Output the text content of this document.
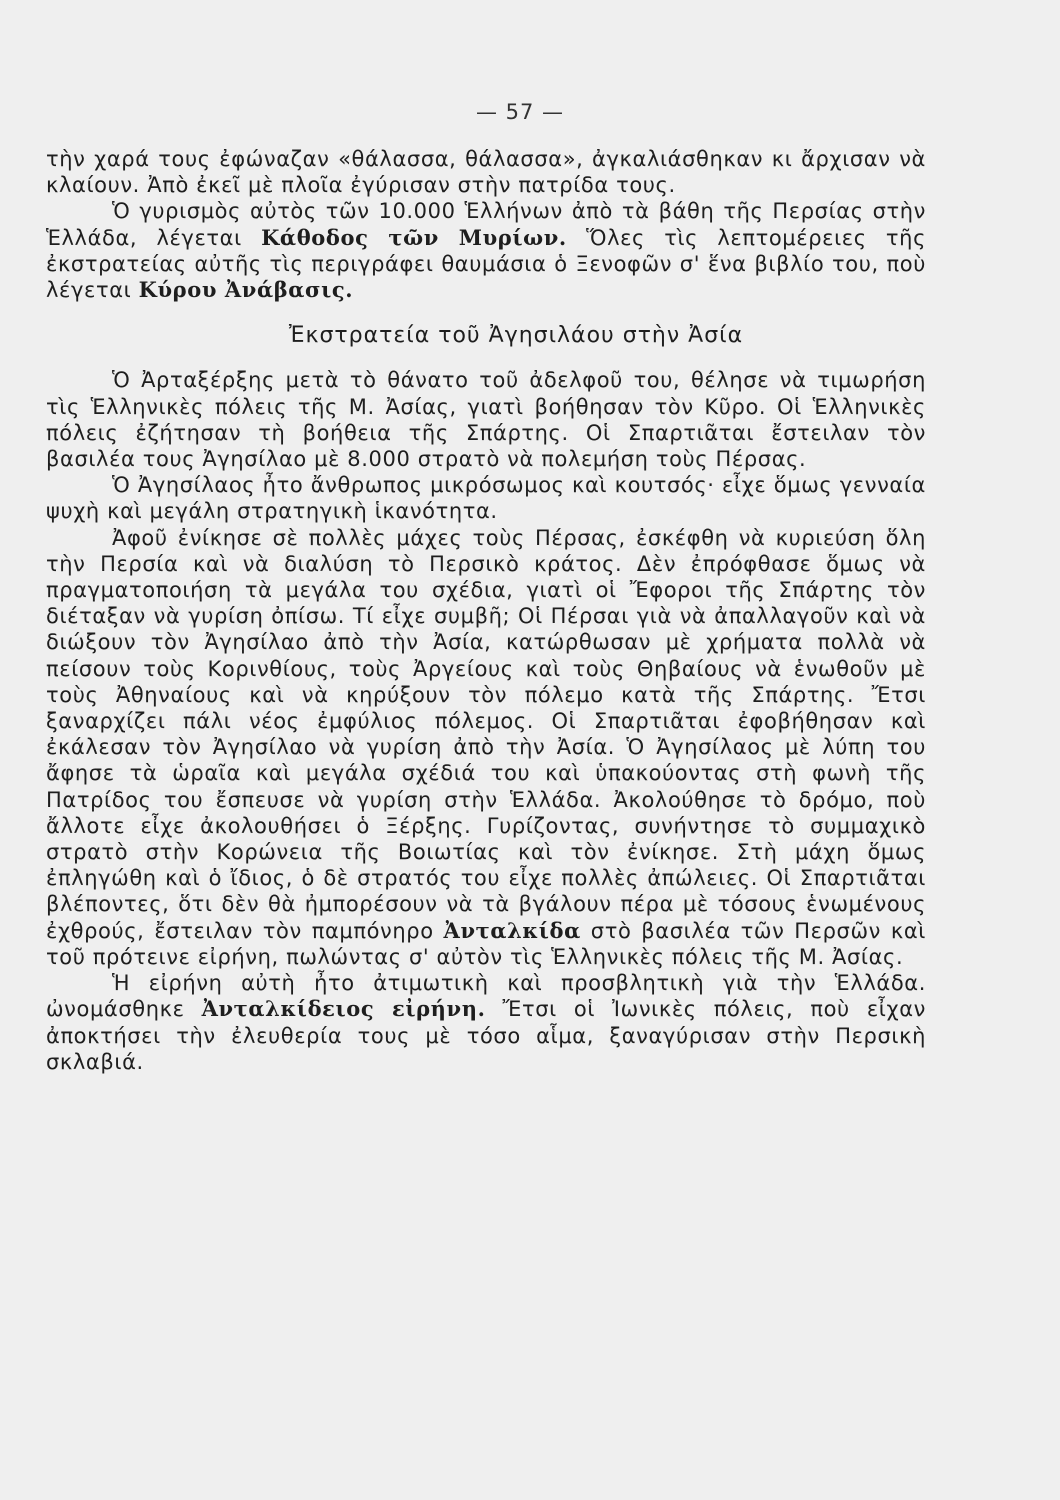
— 57 —

τὴν χαρά τους ἐφώναζαν «θάλασσα, θάλασσα», ἀγκαλιάσθηκαν κι ἄρχισαν νὰ κλαίουν. Ἀπὸ ἐκεῖ μὲ πλοῖα ἐγύρισαν στὴν πατρίδα τους.

Ὁ γυρισμὸς αὐτὸς τῶν 10.000 Ἑλλήνων ἀπὸ τὰ βάθη τῆς Περσίας στὴν Ἑλλάδα, λέγεται Κάθοδος τῶν Μυρίων. Ὅλες τὶς λεπτομέρειες τῆς ἐκστρατείας αὐτῆς τὶς περιγράφει θαυμάσια ὁ Ξενοφῶν σ' ἕνα βιβλίο του, ποὺ λέγεται Κύρου Ἀνάβασις.

Ἐκστρατεία τοῦ Ἀγησιλάου στὴν Ἀσία

Ὁ Ἀρταξέρξης μετὰ τὸ θάνατο τοῦ ἀδελφοῦ του, θέλησε νὰ τιμωρήση τὶς Ἑλληνικὲς πόλεις τῆς Μ. Ἀσίας, γιατὶ βοήθησαν τὸν Κῦρο. Οἱ Ἑλληνικὲς πόλεις ἐζήτησαν τὴ βοήθεια τῆς Σπάρτης. Οἱ Σπαρτιᾶται ἔστειλαν τὸν βασιλέα τους Ἀγησίλαο μὲ 8.000 στρατὸ νὰ πολεμήση τοὺς Πέρσας.

Ὁ Ἀγησίλαος ἦτο ἄνθρωπος μικρόσωμος καὶ κουτσός· εἶχε ὅμως γενναία ψυχὴ καὶ μεγάλη στρατηγικὴ ἱκανότητα.

Ἀφοῦ ἐνίκησε σὲ πολλὲς μάχες τοὺς Πέρσας, ἐσκέφθη νὰ κυριεύση ὅλη τὴν Περσία καὶ νὰ διαλύση τὸ Περσικὸ κράτος. Δὲν ἐπρόφθασε ὅμως νὰ πραγματοποιήση τὰ μεγάλα του σχέδια, γιατὶ οἱ Ἔφοροι τῆς Σπάρτης τὸν διέταξαν νὰ γυρίση ὀπίσω. Τί εἶχε συμβῆ; Οἱ Πέρσαι γιὰ νὰ ἀπαλλαγοῦν καὶ νὰ διώξουν τὸν Ἀγησίλαο ἀπὸ τὴν Ἀσία, κατώρθωσαν μὲ χρήματα πολλὰ νὰ πείσουν τοὺς Κορινθίους, τοὺς Ἀργείους καὶ τοὺς Θηβαίους νὰ ἑνωθοῦν μὲ τοὺς Ἀθηναίους καὶ νὰ κηρύξουν τὸν πόλεμο κατὰ τῆς Σπάρτης. Ἔτσι ξαναρχίζει πάλι νέος ἐμφύλιος πόλεμος. Οἱ Σπαρτιᾶται ἐφοβήθησαν καὶ ἐκάλεσαν τὸν Ἀγησίλαο νὰ γυρίση ἀπὸ τὴν Ἀσία. Ὁ Ἀγησίλαος μὲ λύπη του ἄφησε τὰ ὡραῖα καὶ μεγάλα σχέδιά του καὶ ὑπακούοντας στὴ φωνὴ τῆς Πατρίδος του ἔσπευσε νὰ γυρίση στὴν Ἑλλάδα. Ἀκολούθησε τὸ δρόμο, ποὺ ἄλλοτε εἶχε ἀκολουθήσει ὁ Ξέρξης. Γυρίζοντας, συνήντησε τὸ συμμαχικὸ στρατὸ στὴν Κορώνεια τῆς Βοιωτίας καὶ τὸν ἐνίκησε. Στὴ μάχη ὅμως ἐπληγώθη καὶ ὁ ἴδιος, ὁ δὲ στρατός του εἶχε πολλὲς ἀπώλειες. Οἱ Σπαρτιᾶται βλέποντες, ὅτι δὲν θὰ ἠμπορέσουν νὰ τὰ βγάλουν πέρα μὲ τόσους ἑνωμένους ἐχθρούς, ἔστειλαν τὸν παμπόνηρο Ἀνταλκίδα στὸ βασιλέα τῶν Περσῶν καὶ τοῦ πρότεινε εἰρήνη, πωλώντας σ' αὐτὸν τὶς Ἑλληνικὲς πόλεις τῆς Μ. Ἀσίας.

Ἡ εἰρήνη αὐτὴ ἦτο ἀτιμωτικὴ καὶ προσβλητικὴ γιὰ τὴν Ἑλλάδα. ὠνομάσθηκε Ἀνταλκίδειος εἰρήνη. Ἔτσι οἱ Ἰωνικὲς πόλεις, ποὺ εἶχαν ἀποκτήσει τὴν ἐλευθερία τους μὲ τόσο αἷμα, ξαναγύρισαν στὴν Περσικὴ σκλαβιά.
